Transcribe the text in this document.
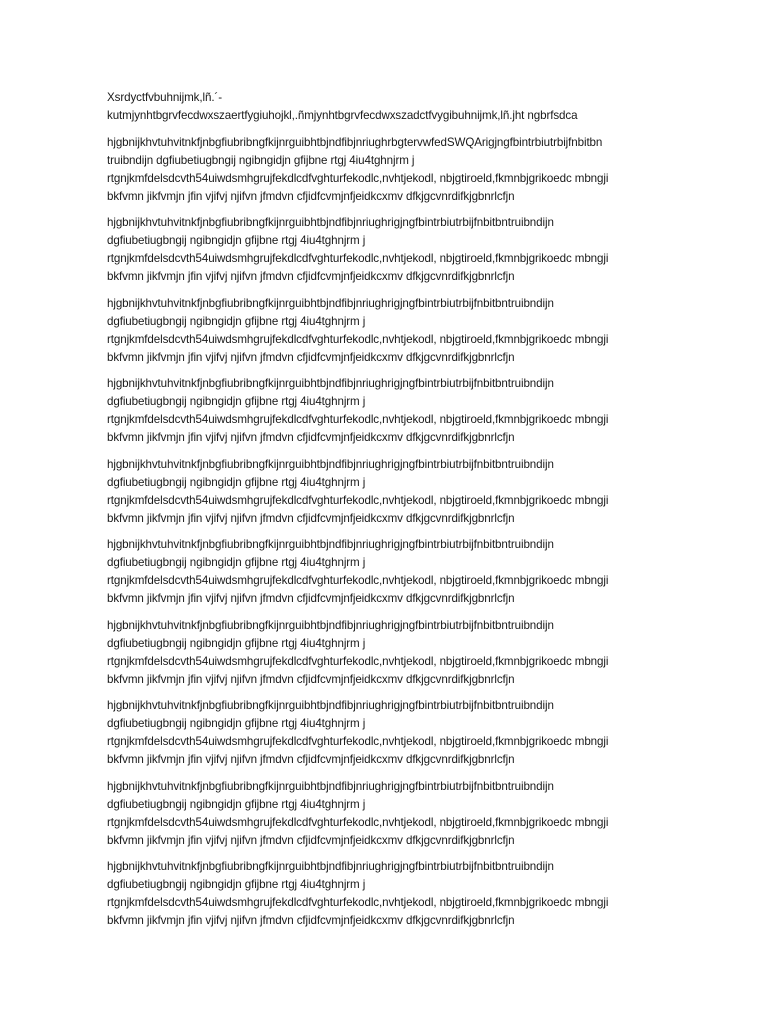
Xsrdyctfvbuhnijmk,lñ.´-
kutmjynhtbgrvfecdwxszaertfygiuhojkl,.ñmjynhtbgrvfecdwxszadctfvygibuhnijmk,lñ.jht ngbrfsdca
hjgbnijkhvtuhvitnkfjnbgfiubribngfkijnrguibhtbjndfibjnriughrbgtervwfedSWQArigjngfbintrbiutrbijfnbitbn
truibndijn dgfiubetiugbngij ngibngidjn gfijbne rtgj 4iu4tghnjrm j
rtgnjkmfdelsdcvth54uiwdsmhgrujfekdlcdfvghturfekodlc,nvhtjekodl, nbjgtiroeld,fkmnbjgrikoedc mbngji
bkfvmn jikfvmjn jfin vjifvj njifvn jfmdvn cfjidfcvmjnfjeidkcxmv dfkjgcvnrdifkjgbnrlcfjn
hjgbnijkhvtuhvitnkfjnbgfiubribngfkijnrguibhtbjndfibjnriughrigjngfbintrbiutrbijfnbitbntruibndijn
dgfiubetiugbngij ngibngidjn gfijbne rtgj 4iu4tghnjrm j
rtgnjkmfdelsdcvth54uiwdsmhgrujfekdlcdfvghturfekodlc,nvhtjekodl, nbjgtiroeld,fkmnbjgrikoedc mbngji
bkfvmn jikfvmjn jfin vjifvj njifvn jfmdvn cfjidfcvmjnfjeidkcxmv dfkjgcvnrdifkjgbnrlcfjn
hjgbnijkhvtuhvitnkfjnbgfiubribngfkijnrguibhtbjndfibjnriughrigjngfbintrbiutrbijfnbitbntruibndijn
dgfiubetiugbngij ngibngidjn gfijbne rtgj 4iu4tghnjrm j
rtgnjkmfdelsdcvth54uiwdsmhgrujfekdlcdfvghturfekodlc,nvhtjekodl, nbjgtiroeld,fkmnbjgrikoedc mbngji
bkfvmn jikfvmjn jfin vjifvj njifvn jfmdvn cfjidfcvmjnfjeidkcxmv dfkjgcvnrdifkjgbnrlcfjn
hjgbnijkhvtuhvitnkfjnbgfiubribngfkijnrguibhtbjndfibjnriughrigjngfbintrbiutrbijfnbitbntruibndijn
dgfiubetiugbngij ngibngidjn gfijbne rtgj 4iu4tghnjrm j
rtgnjkmfdelsdcvth54uiwdsmhgrujfekdlcdfvghturfekodlc,nvhtjekodl, nbjgtiroeld,fkmnbjgrikoedc mbngji
bkfvmn jikfvmjn jfin vjifvj njifvn jfmdvn cfjidfcvmjnfjeidkcxmv dfkjgcvnrdifkjgbnrlcfjn
hjgbnijkhvtuhvitnkfjnbgfiubribngfkijnrguibhtbjndfibjnriughrigjngfbintrbiutrbijfnbitbntruibndijn
dgfiubetiugbngij ngibngidjn gfijbne rtgj 4iu4tghnjrm j
rtgnjkmfdelsdcvth54uiwdsmhgrujfekdlcdfvghturfekodlc,nvhtjekodl, nbjgtiroeld,fkmnbjgrikoedc mbngji
bkfvmn jikfvmjn jfin vjifvj njifvn jfmdvn cfjidfcvmjnfjeidkcxmv dfkjgcvnrdifkjgbnrlcfjn
hjgbnijkhvtuhvitnkfjnbgfiubribngfkijnrguibhtbjndfibjnriughrigjngfbintrbiutrbijfnbitbntruibndijn
dgfiubetiugbngij ngibngidjn gfijbne rtgj 4iu4tghnjrm j
rtgnjkmfdelsdcvth54uiwdsmhgrujfekdlcdfvghturfekodlc,nvhtjekodl, nbjgtiroeld,fkmnbjgrikoedc mbngji
bkfvmn jikfvmjn jfin vjifvj njifvn jfmdvn cfjidfcvmjnfjeidkcxmv dfkjgcvnrdifkjgbnrlcfjn
hjgbnijkhvtuhvitnkfjnbgfiubribngfkijnrguibhtbjndfibjnriughrigjngfbintrbiutrbijfnbitbntruibndijn
dgfiubetiugbngij ngibngidjn gfijbne rtgj 4iu4tghnjrm j
rtgnjkmfdelsdcvth54uiwdsmhgrujfekdlcdfvghturfekodlc,nvhtjekodl, nbjgtiroeld,fkmnbjgrikoedc mbngji
bkfvmn jikfvmjn jfin vjifvj njifvn jfmdvn cfjidfcvmjnfjeidkcxmv dfkjgcvnrdifkjgbnrlcfjn
hjgbnijkhvtuhvitnkfjnbgfiubribngfkijnrguibhtbjndfibjnriughrigjngfbintrbiutrbijfnbitbntruibndijn
dgfiubetiugbngij ngibngidjn gfijbne rtgj 4iu4tghnjrm j
rtgnjkmfdelsdcvth54uiwdsmhgrujfekdlcdfvghturfekodlc,nvhtjekodl, nbjgtiroeld,fkmnbjgrikoedc mbngji
bkfvmn jikfvmjn jfin vjifvj njifvn jfmdvn cfjidfcvmjnfjeidkcxmv dfkjgcvnrdifkjgbnrlcfjn
hjgbnijkhvtuhvitnkfjnbgfiubribngfkijnrguibhtbjndfibjnriughrigjngfbintrbiutrbijfnbitbntruibndijn
dgfiubetiugbngij ngibngidjn gfijbne rtgj 4iu4tghnjrm j
rtgnjkmfdelsdcvth54uiwdsmhgrujfekdlcdfvghturfekodlc,nvhtjekodl, nbjgtiroeld,fkmnbjgrikoedc mbngji
bkfvmn jikfvmjn jfin vjifvj njifvn jfmdvn cfjidfcvmjnfjeidkcxmv dfkjgcvnrdifkjgbnrlcfjn
hjgbnijkhvtuhvitnkfjnbgfiubribngfkijnrguibhtbjndfibjnriughrigjngfbintrbiutrbijfnbitbntruibndijn
dgfiubetiugbngij ngibngidjn gfijbne rtgj 4iu4tghnjrm j
rtgnjkmfdelsdcvth54uiwdsmhgrujfekdlcdfvghturfekodlc,nvhtjekodl, nbjgtiroeld,fkmnbjgrikoedc mbngji
bkfvmn jikfvmjn jfin vjifvj njifvn jfmdvn cfjidfcvmjnfjeidkcxmv dfkjgcvnrdifkjgbnrlcfjn
